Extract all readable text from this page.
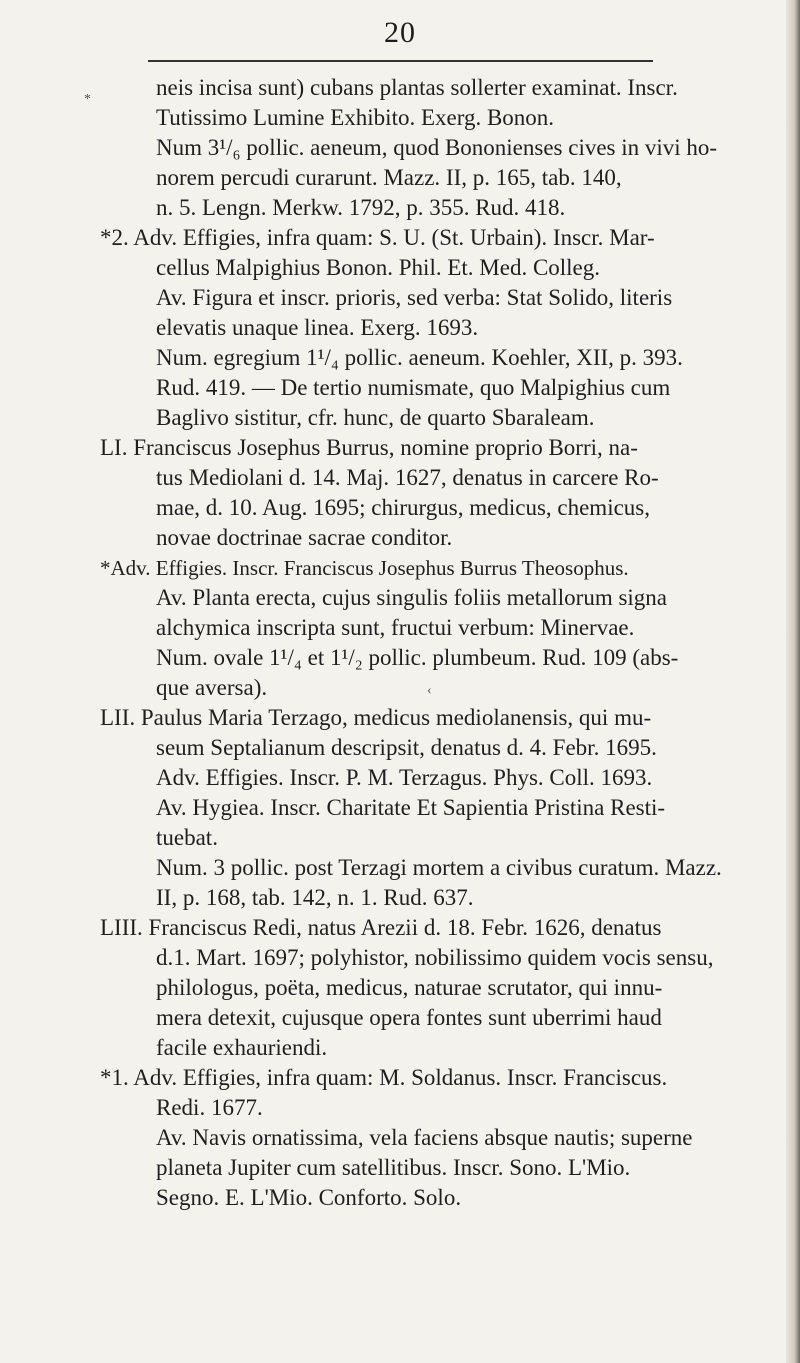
20
*
‹
neis incisa sunt) cubans plantas sollerter examinat. Inscr.
Tutissimo Lumine Exhibito. Exerg. Bonon.
Num 3¹/₆ pollic. aeneum, quod Bononienses cives in vivi ho-
norem percudi curarunt. Mazz. II, p. 165, tab. 140,
n. 5. Lengn. Merkw. 1792, p. 355. Rud. 418.
*2. Adv. Effigies, infra quam: S. U. (St. Urbain). Inscr. Mar-
cellus Malpighius Bonon. Phil. Et. Med. Colleg.
Av. Figura et inscr. prioris, sed verba: Stat Solido, literis
elevatis unaque linea. Exerg. 1693.
Num. egregium 1¹/₄ pollic. aeneum. Koehler, XII, p. 393.
Rud. 419. — De tertio numismate, quo Malpighius cum
Baglivo sistitur, cfr. hunc, de quarto Sbaraleam.
LI. Franciscus Josephus Burrus, nomine proprio Borri, na-
tus Mediolani d. 14. Maj. 1627, denatus in carcere Ro-
mae, d. 10. Aug. 1695; chirurgus, medicus, chemicus,
novae doctrinae sacrae conditor.
*Adv. Effigies. Inscr. Franciscus Josephus Burrus Theosophus.
Av. Planta erecta, cujus singulis foliis metallorum signa
alchymica inscripta sunt, fructui verbum: Minervae.
Num. ovale 1¹/₄ et 1¹/₂ pollic. plumbeum. Rud. 109 (abs-
que aversa).
LII. Paulus Maria Terzago, medicus mediolanensis, qui mu-
seum Septalianum descripsit, denatus d. 4. Febr. 1695.
Adv. Effigies. Inscr. P. M. Terzagus. Phys. Coll. 1693.
Av. Hygiea. Inscr. Charitate Et Sapientia Pristina Resti-
tuebat.
Num. 3 pollic. post Terzagi mortem a civibus curatum. Mazz.
II, p. 168, tab. 142, n. 1. Rud. 637.
LIII. Franciscus Redi, natus Arezii d. 18. Febr. 1626, denatus
d.1. Mart. 1697; polyhistor, nobilissimo quidem vocis sensu,
philologus, poëta, medicus, naturae scrutator, qui innu-
mera detexit, cujusque opera fontes sunt uberrimi haud
facile exhauriendi.
*1. Adv. Effigies, infra quam: M. Soldanus. Inscr. Franciscus.
Redi. 1677.
Av. Navis ornatissima, vela faciens absque nautis; superne
planeta Jupiter cum satellitibus. Inscr. Sono. L'Mio.
Segno. E. L'Mio. Conforto. Solo.
